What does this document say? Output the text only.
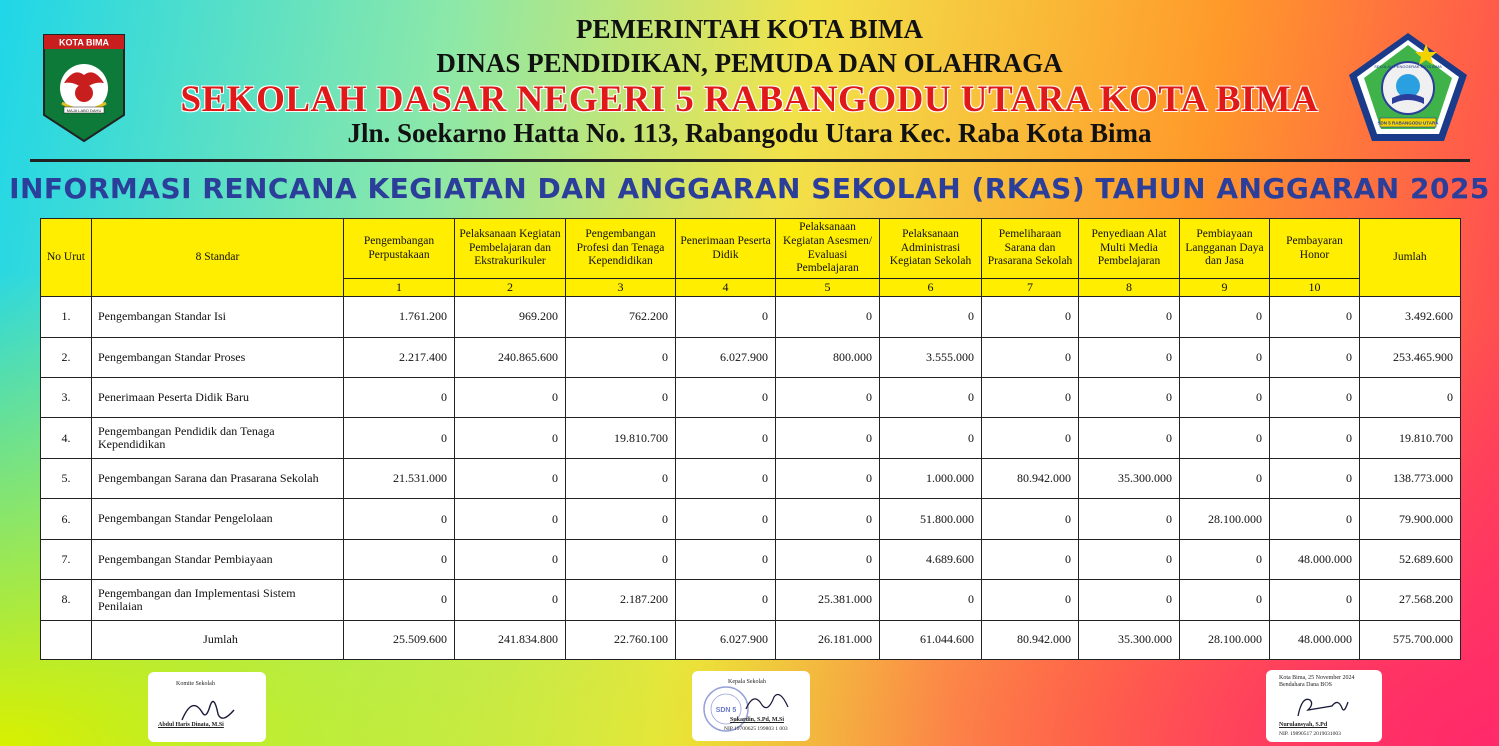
KOTA BIMA
MAJA LABO DAHU
PEMERINTAH KOTA BIMA
DINAS PENDIDIKAN, PEMUDA DAN OLAHRAGA
SEKOLAH DASAR NEGERI 5 RABANGODU UTARA KOTA BIMA
Jln. Soekarno Hatta No. 113, Rabangodu Utara Kec. Raba Kota Bima	SDN 5 RABANGODU UTARA
SEKOLAH PENGGERAK KOTA BIMA
INFORMASI RENCANA KEGIATAN DAN ANGGARAN SEKOLAH (RKAS) TAHUN ANGGARAN 2025
No Urut	8 Standar	Pengembangan Perpustakaan	Pelaksanaan Kegiatan Pembelajaran dan Ekstrakurikuler	Pengembangan Profesi dan Tenaga Kependidikan	Penerimaan Peserta Didik	Pelaksanaan Kegiatan Asesmen/ Evaluasi Pembelajaran	Pelaksanaan Administrasi Kegiatan Sekolah	Pemeliharaan Sarana dan Prasarana Sekolah	Penyediaan Alat Multi Media Pembelajaran	Pembiayaan Langganan Daya dan Jasa	Pembayaran Honor	Jumlah
		1	2	3	4	5	6	7	8	9	10	
1.	Pengembangan Standar Isi	1.761.200	969.200	762.200	0	0	0	0	0	0	0	3.492.600
2.	Pengembangan Standar Proses	2.217.400	240.865.600	0	6.027.900	800.000	3.555.000	0	0	0	0	253.465.900
3.	Penerimaan Peserta Didik Baru	0	0	0	0	0	0	0	0	0	0	0
4.	Pengembangan Pendidik dan Tenaga Kependidikan	0	0	19.810.700	0	0	0	0	0	0	0	19.810.700
5.	Pengembangan Sarana dan Prasarana Sekolah	21.531.000	0	0	0	0	1.000.000	80.942.000	35.300.000	0	0	138.773.000
6.	Pengembangan Standar Pengelolaan	0	0	0	0	0	51.800.000	0	0	28.100.000	0	79.900.000
7.	Pengembangan Standar Pembiayaan	0	0	0	0	0	4.689.600	0	0	0	48.000.000	52.689.600
8.	Pengembangan dan Implementasi Sistem Penilaian	0	0	2.187.200	0	25.381.000	0	0	0	0	0	27.568.200
	Jumlah	25.509.600	241.834.800	22.760.100	6.027.900	26.181.000	61.044.600	80.942.000	35.300.000	28.100.000	48.000.000	575.700.000
Komite Sekolah
Abdul Haris Dinata, M.Si
Kepala Sekolah
SDN 5
Sukardin, S.Pd, M.Si
NIP 19700625 199803 1 003
Kota Bima, 25 November 2024
Bendahara Dana BOS
Nurulansyah, S.Pd
NIP. 19890517 2019031003
